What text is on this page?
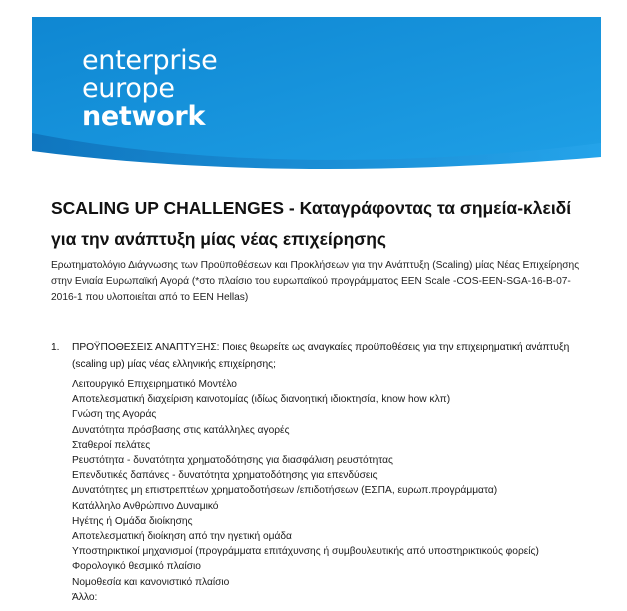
enterprise
europe
network
SCALING UP CHALLENGES - Καταγράφοντας τα σημεία-κλειδί για την ανάπτυξη μίας νέας επιχείρησης
Ερωτηματολόγιο Διάγνωσης των Προϋποθέσεων και Προκλήσεων για την Ανάπτυξη (Scaling) μίας Νέας Επιχείρησης στην Ενιαία Ευρωπαϊκή Αγορά (*στο πλαίσιο του ευρωπαϊκού προγράμματος ΕΕΝ Scale -COS-EEN-SGA-16-B-07-2016-1 που υλοποιείται από το ΕΕΝ Hellas)
1. ΠΡΟΫΠΟΘΕΣΕΙΣ ΑΝΑΠΤΥΞΗΣ: Ποιες θεωρείτε ως αναγκαίες προϋποθέσεις για την επιχειρηματική ανάπτυξη (scaling up) μίας νέας ελληνικής επιχείρησης;
Λειτουργικό Επιχειρηματικό Μοντέλο
Αποτελεσματική διαχείριση καινοτομίας (ιδίως διανοητική ιδιοκτησία, know how κλπ)
Γνώση της Αγοράς
Δυνατότητα πρόσβασης στις κατάλληλες αγορές
Σταθεροί πελάτες
Ρευστότητα - δυνατότητα χρηματοδότησης για διασφάλιση ρευστότητας
Επενδυτικές δαπάνες - δυνατότητα χρηματοδότησης για επενδύσεις
Δυνατότητες μη επιστρεπτέων χρηματοδοτήσεων /επιδοτήσεων (ΕΣΠΑ, ευρωπ.προγράμματα)
Κατάλληλο Ανθρώπινο Δυναμικό
Ηγέτης ή Ομάδα διοίκησης
Αποτελεσματική διοίκηση από την ηγετική ομάδα
Υποστηρικτικοί μηχανισμοί (προγράμματα επιτάχυνσης ή συμβουλευτικής από υποστηρικτικούς φορείς)
Φορολογικό θεσμικό πλαίσιο
Νομοθεσία και κανονιστικό πλαίσιο
Άλλο:
